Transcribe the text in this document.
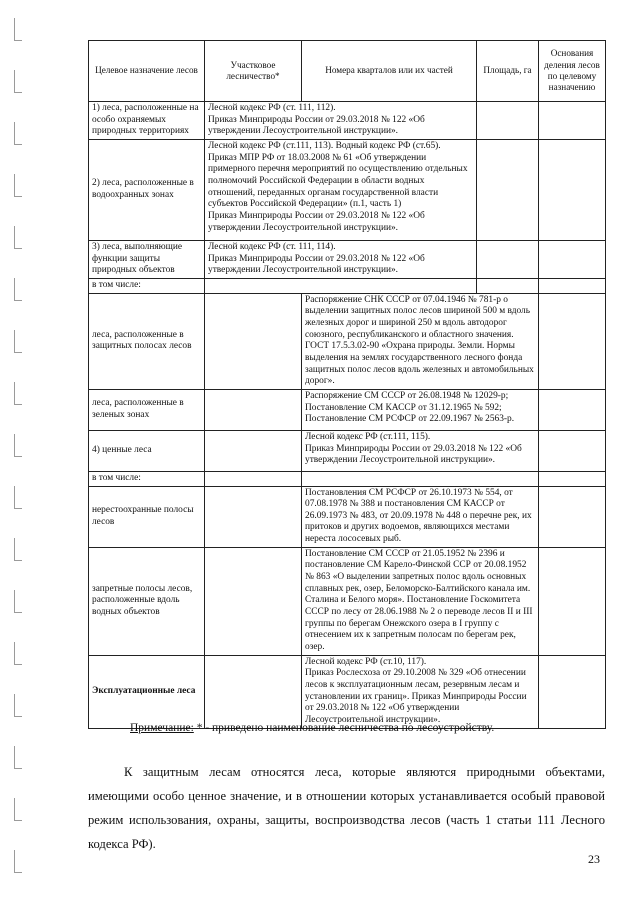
Целевое назначение лесов	Участковое лесничество*	Номера кварталов или их частей	Площадь, га	Основания деления лесов по целевому назначению
1) леса, расположенные на особо охраняемых природных территориях	Лесной кодекс РФ (ст. 111, 112).
Приказ Минприроды России от 29.03.2018 № 122 «Об утверждении Лесоустроительной инструкции».			
2) леса, расположенные в водоохранных зонах	Лесной кодекс РФ (ст.111, 113). Водный кодекс РФ (ст.65).
Приказ МПР РФ от 18.03.2008 № 61 «Об утверждении примерного перечня мероприятий по осуществлению отдельных полномочий Российской Федерации в области водных отношений, переданных органам государственной власти субъектов Российской Федерации» (п.1, часть 1)
Приказ Минприроды России от 29.03.2018 № 122 «Об утверждении Лесоустроительной инструкции».			
3) леса, выполняющие функции защиты природных объектов	Лесной кодекс РФ (ст. 111, 114).
Приказ Минприроды России от 29.03.2018 № 122 «Об утверждении Лесоустроительной инструкции».			
в том числе:				
леса, расположенные в защитных полосах лесов		Распоряжение СНК СССР от 07.04.1946 № 781-р о выделении защитных полос лесов шириной 500 м вдоль железных дорог и шириной 250 м вдоль автодорог союзного, республиканского и областного значения.
ГОСТ 17.5.3.02-90 «Охрана природы. Земли. Нормы выделения на землях государственного лесного фонда защитных полос лесов вдоль железных и автомобильных дорог».		
леса, расположенные в зеленых зонах		Распоряжение СМ СССР от 26.08.1948 № 12029-р;
Постановление СМ КАССР от 31.12.1965 № 592;
Постановление СМ РСФСР от 22.09.1967 № 2563-р.		
4) ценные леса		Лесной кодекс РФ (ст.111, 115).
Приказ Минприроды России от 29.03.2018 № 122 «Об утверждении Лесоустроительной инструкции».		
в том числе:				
нерестоохранные полосы лесов		Постановления СМ РСФСР от 26.10.1973 № 554, от 07.08.1978 № 388 и постановления СМ КАССР от 26.09.1973 № 483, от 20.09.1978 № 448 о перечне рек, их притоков и других водоемов, являющихся местами нереста лососевых рыб.		
запретные полосы лесов, расположенные вдоль водных объектов		Постановление СМ СССР от 21.05.1952 № 2396 и постановление СМ Карело-Финской ССР от 20.08.1952 № 863 «О выделении запретных полос вдоль основных сплавных рек, озер, Беломорско-Балтийского канала им. Сталина и Белого моря». Постановление Госкомитета СССР по лесу от 28.06.1988 № 2 о переводе лесов II и III группы по берегам Онежского озера в I группу с отнесением их к запретным полосам по берегам рек, озер.		
Эксплуатационные леса		Лесной кодекс РФ (ст.10, 117).
Приказ Рослесхоза от 29.10.2008 № 329 «Об отнесении лесов к эксплуатационным лесам, резервным лесам и установлении их границ». Приказ Минприроды России от 29.03.2018 № 122 «Об утверждении Лесоустроительной инструкции».		
Примечание: * - приведено наименование лесничества по лесоустройству.
К защитным лесам относятся леса, которые являются природными объектами, имеющими особо ценное значение, и в отношении которых устанавливается особый правовой режим использования, охраны, защиты, воспроизводства лесов (часть 1 статьи 111 Лесного кодекса РФ).
23
